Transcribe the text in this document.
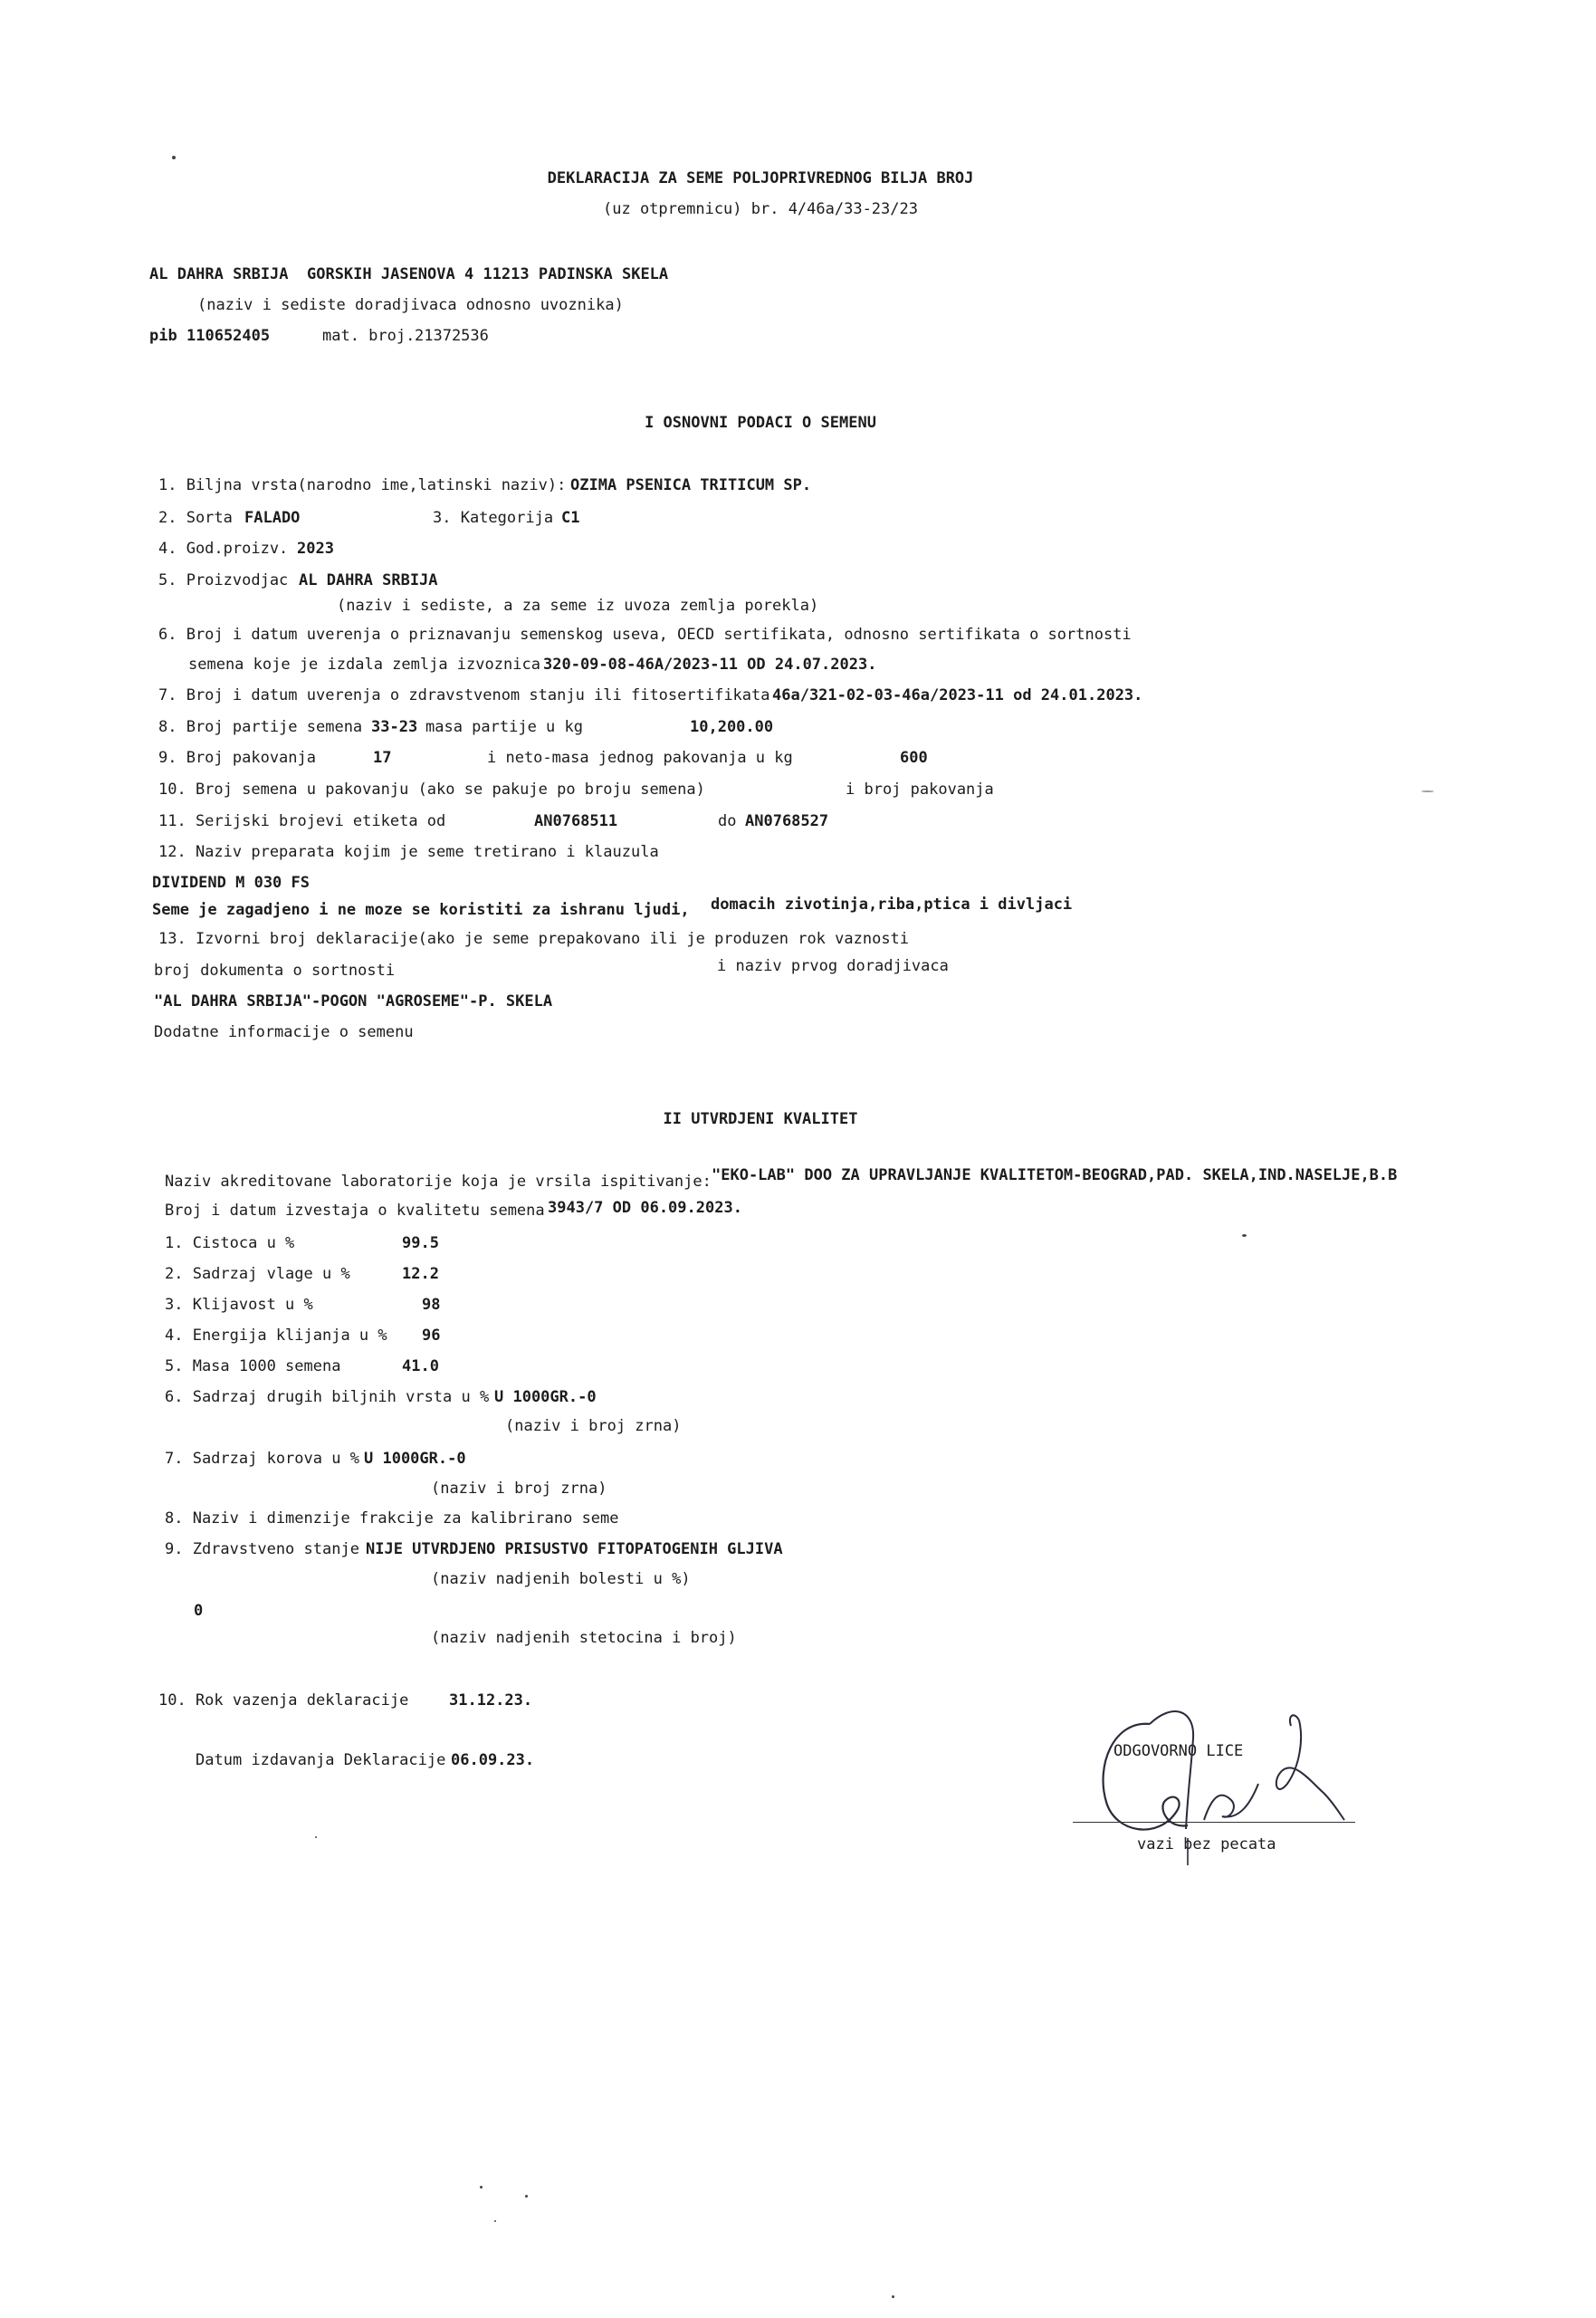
DEKLARACIJA ZA SEME POLJOPRIVREDNOG BILJA BROJ
(uz otpremnicu) br. 4/46a/33-23/23
AL DAHRA SRBIJA  GORSKIH JASENOVA 4 11213 PADINSKA SKELA
(naziv i sediste doradjivaca odnosno uvoznika)
pib 110652405	mat. broj. 21372536
I OSNOVNI PODACI O SEMENU
1. Biljna vrsta(narodno ime,latinski naziv): OZIMA PSENICA TRITICUM SP.
2. Sorta FALADO	3. Kategorija C1
4. God.proizv. 2023
5. Proizvodjac AL DAHRA SRBIJA
(naziv i sediste, a za seme iz uvoza zemlja porekla)
6. Broj i datum uverenja o priznavanju semenskog useva, OECD sertifikata, odnosno sertifikata o sortnosti
semena koje je izdala zemlja izvoznica 320-09-08-46A/2023-11 OD 24.07.2023.
7. Broj i datum uverenja o zdravstvenom stanju ili fitosertifikata 46a/321-02-03-46a/2023-11 od 24.01.2023.
8. Broj partije semena 33-23 masa partije u kg	10,200.00
9. Broj pakovanja	17	i neto-masa jednog pakovanja u kg	600
10. Broj semena u pakovanju (ako se pakuje po broju semena)	i broj pakovanja
11. Serijski brojevi etiketa od	AN0768511	do AN0768527
12. Naziv preparata kojim je seme tretirano i klauzula
DIVIDEND M 030 FS
Seme je zagadjeno i ne moze se koristiti za ishranu ljudi, domacih zivotinja,riba,ptica i divljaci
13. Izvorni broj deklaracije(ako je seme prepakovano ili je produzen rok vaznosti
broj dokumenta o sortnosti	i naziv prvog doradjivaca
"AL DAHRA SRBIJA"-POGON "AGROSEME"-P. SKELA
Dodatne informacije o semenu
II UTVRDJENI KVALITET
Naziv akreditovane laboratorije koja je vrsila ispitivanje: "EKO-LAB" DOO ZA UPRAVLJANJE KVALITETOM-BEOGRAD,PAD. SKELA,IND.NASELJE,B.B
Broj i datum izvestaja o kvalitetu semena 3943/7 OD 06.09.2023.
1. Cistoca u %	99.5
2. Sadrzaj vlage u %	12.2
3. Klijavost u %	98
4. Energija klijanja u % 96
5. Masa 1000 semena	41.0
6. Sadrzaj drugih biljnih vrsta u % U 1000GR.-0
(naziv i broj zrna)
7. Sadrzaj korova u % U 1000GR.-0
(naziv i broj zrna)
8. Naziv i dimenzije frakcije za kalibrirano seme
9. Zdravstveno stanje NIJE UTVRDJENO PRISUSTVO FITOPATOGENIH GLJIVA
(naziv nadjenih bolesti u %)
0
(naziv nadjenih stetocina i broj)
10. Rok vazenja deklaracije	31.12.23.
Datum izdavanja Deklaracije 06.09.23.	ODGOVORNO LICE
vazi bez pecata
